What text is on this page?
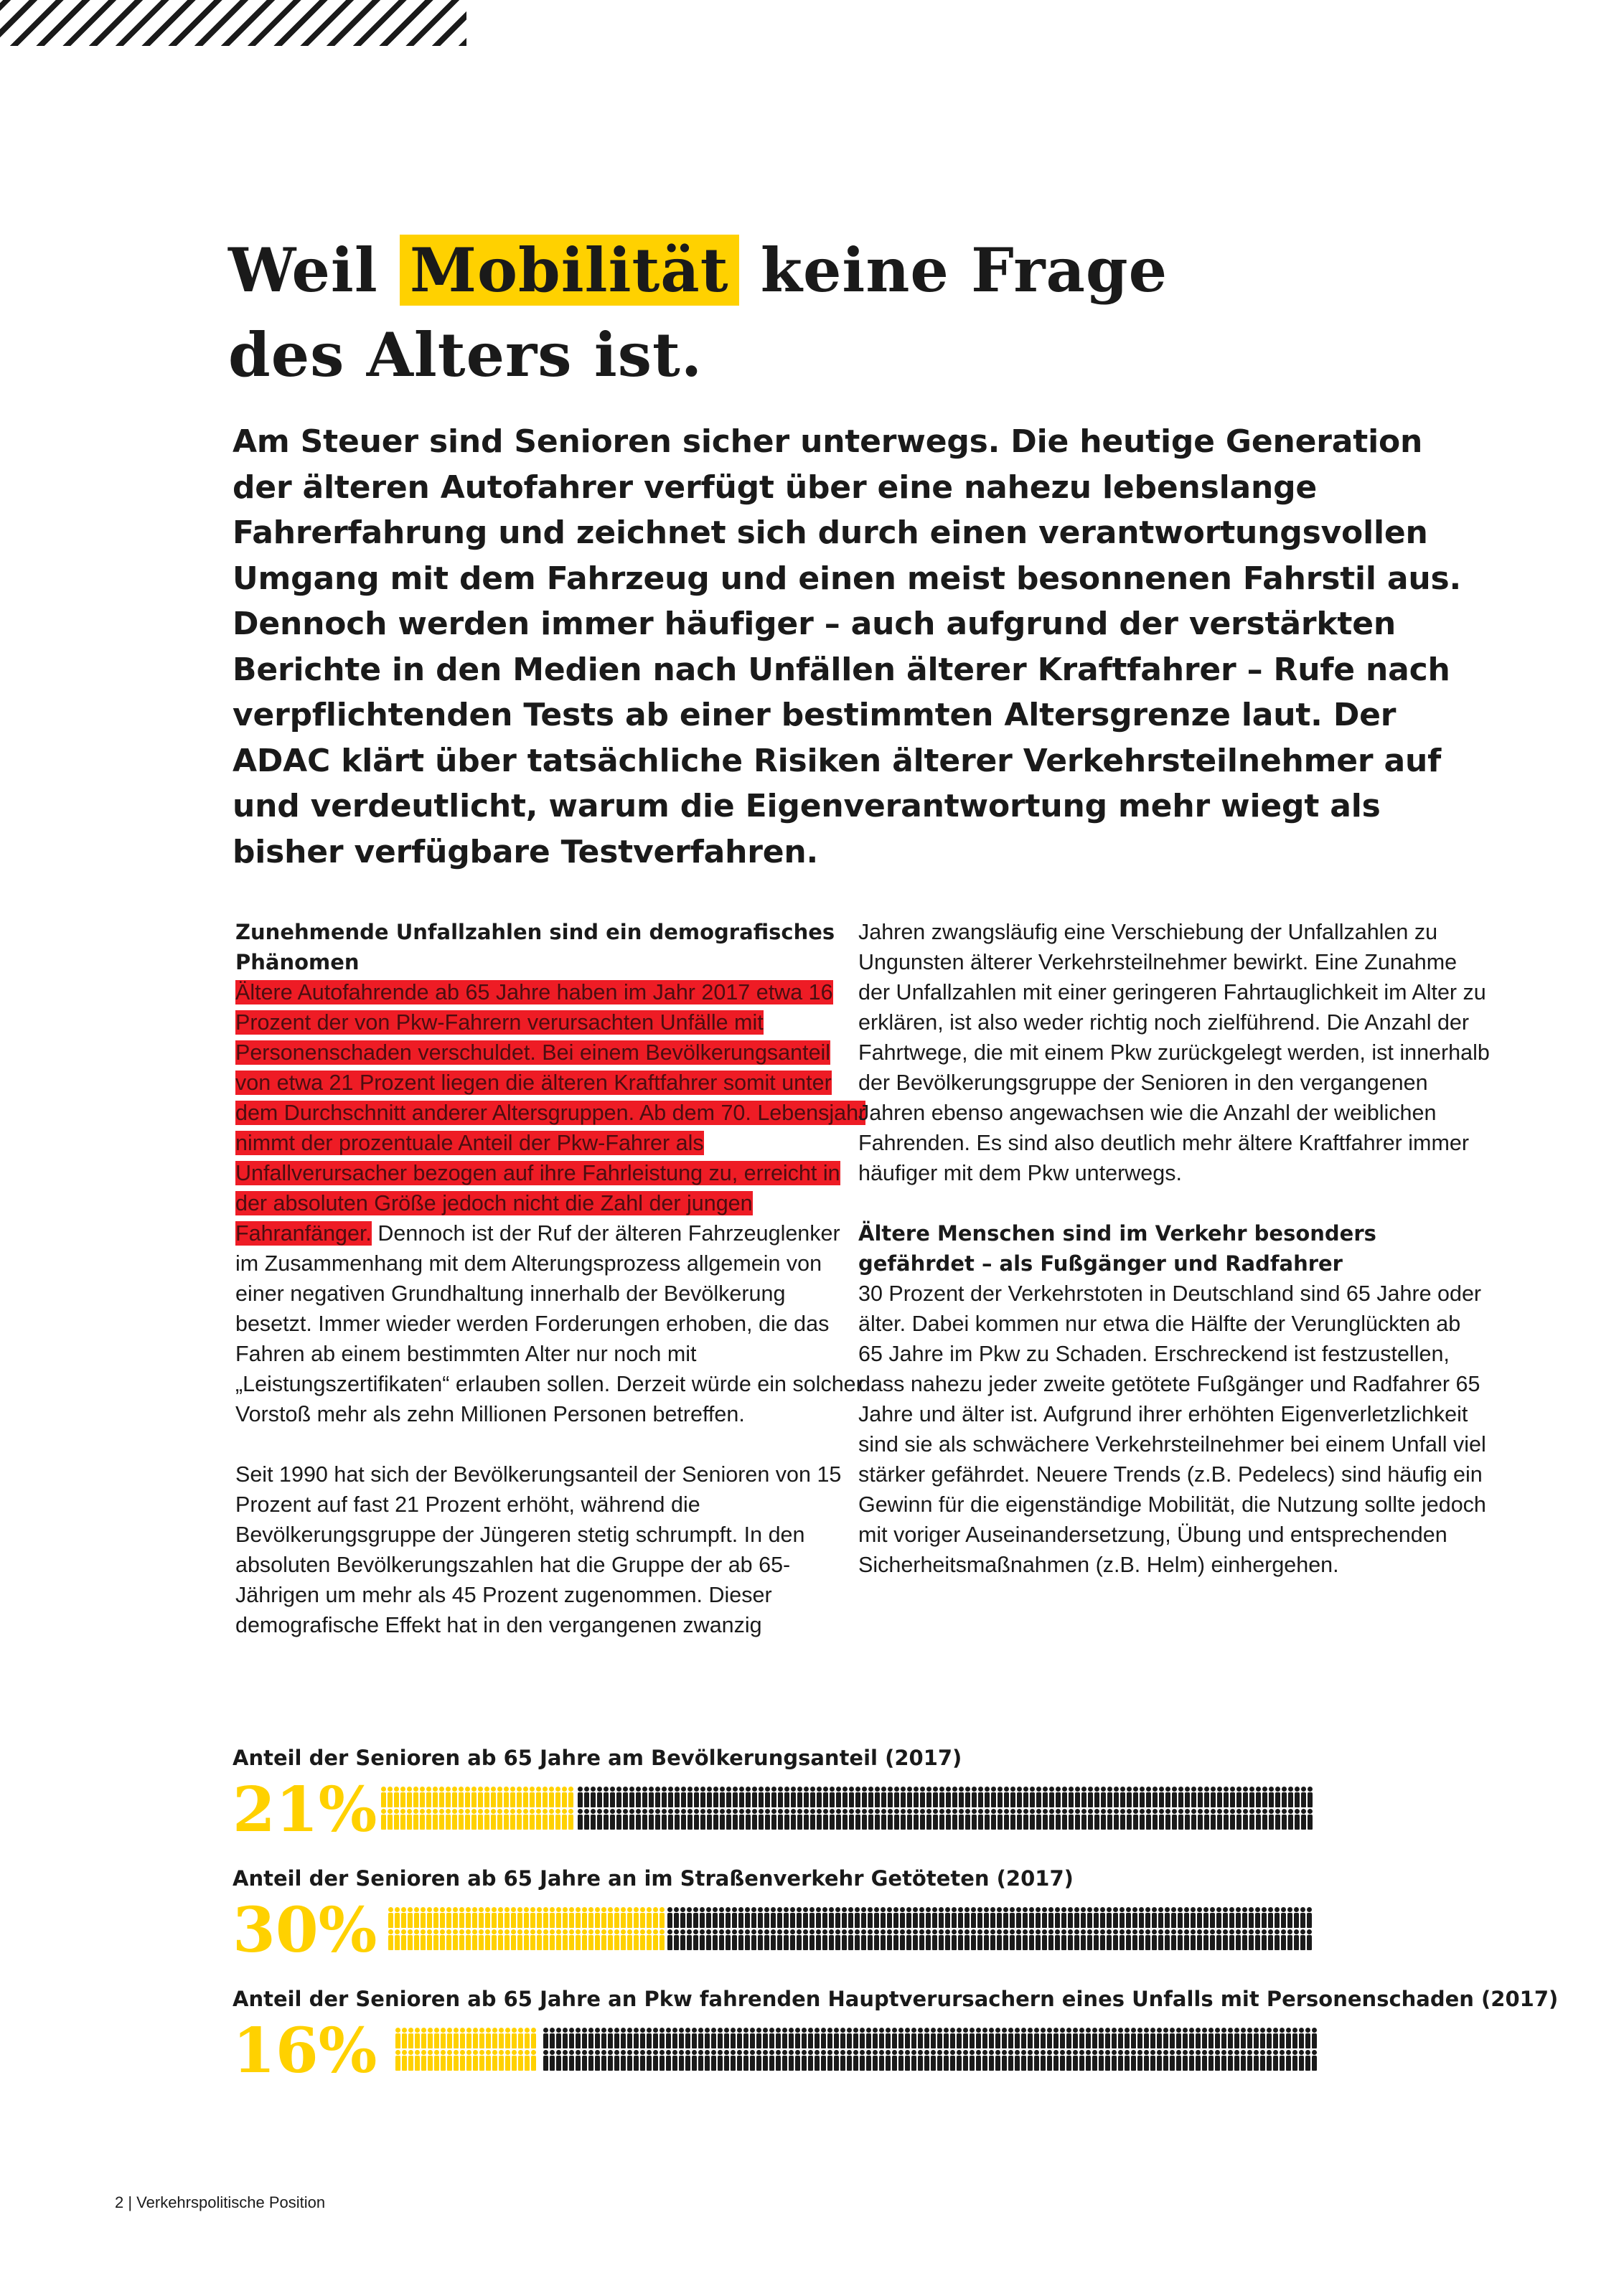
Weil Mobilität keine Frage
des Alters ist.

Am Steuer sind Senioren sicher unterwegs. Die heutige Generation der älteren Autofahrer verfügt über eine nahezu lebenslange Fahrerfahrung und zeichnet sich durch einen verantwortungsvollen Umgang mit dem Fahrzeug und einen meist besonnenen Fahrstil aus. Dennoch werden immer häufiger – auch aufgrund der verstärkten Berichte in den Medien nach Unfällen älterer Kraftfahrer – Rufe nach verpflichtenden Tests ab einer bestimmten Altersgrenze laut. Der ADAC klärt über tatsächliche Risiken älterer Verkehrsteilnehmer auf und verdeutlicht, warum die Eigenverantwortung mehr wiegt als bisher verfügbare Testverfahren.

Zunehmende Unfallzahlen sind ein demografisches Phänomen

Ältere Autofahrende ab 65 Jahre haben im Jahr 2017 etwa 16 Prozent der von Pkw-Fahrern verursachten Unfälle mit Personenschaden verschuldet. Bei einem Bevölkerungsanteil von etwa 21 Prozent liegen die älteren Kraftfahrer somit unter dem Durchschnitt anderer Altersgruppen. Ab dem 70. Lebensjahr nimmt der prozentuale Anteil der Pkw-Fahrer als Unfallverursacher bezogen auf ihre Fahrleistung zu, erreicht in der absoluten Größe jedoch nicht die Zahl der jungen Fahranfänger. Dennoch ist der Ruf der älteren Fahrzeuglenker im Zusammenhang mit dem Alterungsprozess allgemein von einer negativen Grundhaltung innerhalb der Bevölkerung besetzt. Immer wieder werden Forderungen erhoben, die das Fahren ab einem bestimmten Alter nur noch mit „Leistungszertifikaten“ erlauben sollen. Derzeit würde ein solcher Vorstoß mehr als zehn Millionen Personen betreffen.

Seit 1990 hat sich der Bevölkerungsanteil der Senioren von 15 Prozent auf fast 21 Prozent erhöht, während die Bevölkerungsgruppe der Jüngeren stetig schrumpft. In den absoluten Bevölkerungszahlen hat die Gruppe der ab 65-Jährigen um mehr als 45 Prozent zugenommen. Dieser demografische Effekt hat in den vergangenen zwanzig

Jahren zwangsläufig eine Verschiebung der Unfallzahlen zu Ungunsten älterer Verkehrsteilnehmer bewirkt. Eine Zunahme der Unfallzahlen mit einer geringeren Fahrtauglichkeit im Alter zu erklären, ist also weder richtig noch zielführend. Die Anzahl der Fahrtwege, die mit einem Pkw zurückgelegt werden, ist innerhalb der Bevölkerungsgruppe der Senioren in den vergangenen Jahren ebenso angewachsen wie die Anzahl der weiblichen Fahrenden. Es sind also deutlich mehr ältere Kraftfahrer immer häufiger mit dem Pkw unterwegs.

Ältere Menschen sind im Verkehr besonders gefährdet – als Fußgänger und Radfahrer

30 Prozent der Verkehrstoten in Deutschland sind 65 Jahre oder älter. Dabei kommen nur etwa die Hälfte der Verunglückten ab 65 Jahre im Pkw zu Schaden. Erschreckend ist festzustellen, dass nahezu jeder zweite getötete Fußgänger und Radfahrer 65 Jahre und älter ist. Aufgrund ihrer erhöhten Eigenverletzlichkeit sind sie als schwächere Verkehrsteilnehmer bei einem Unfall viel stärker gefährdet. Neuere Trends (z.B. Pedelecs) sind häufig ein Gewinn für die eigenständige Mobilität, die Nutzung sollte jedoch mit voriger Auseinandersetzung, Übung und entsprechenden Sicherheitsmaßnahmen (z.B. Helm) einhergehen.

Anteil der Senioren ab 65 Jahre am Bevölkerungsanteil (2017)
21%
Anteil der Senioren ab 65 Jahre an im Straßenverkehr Getöteten (2017)
30%
Anteil der Senioren ab 65 Jahre an Pkw fahrenden Hauptverursachern eines Unfalls mit Personenschaden (2017)
16%
2 | Verkehrspolitische Position
